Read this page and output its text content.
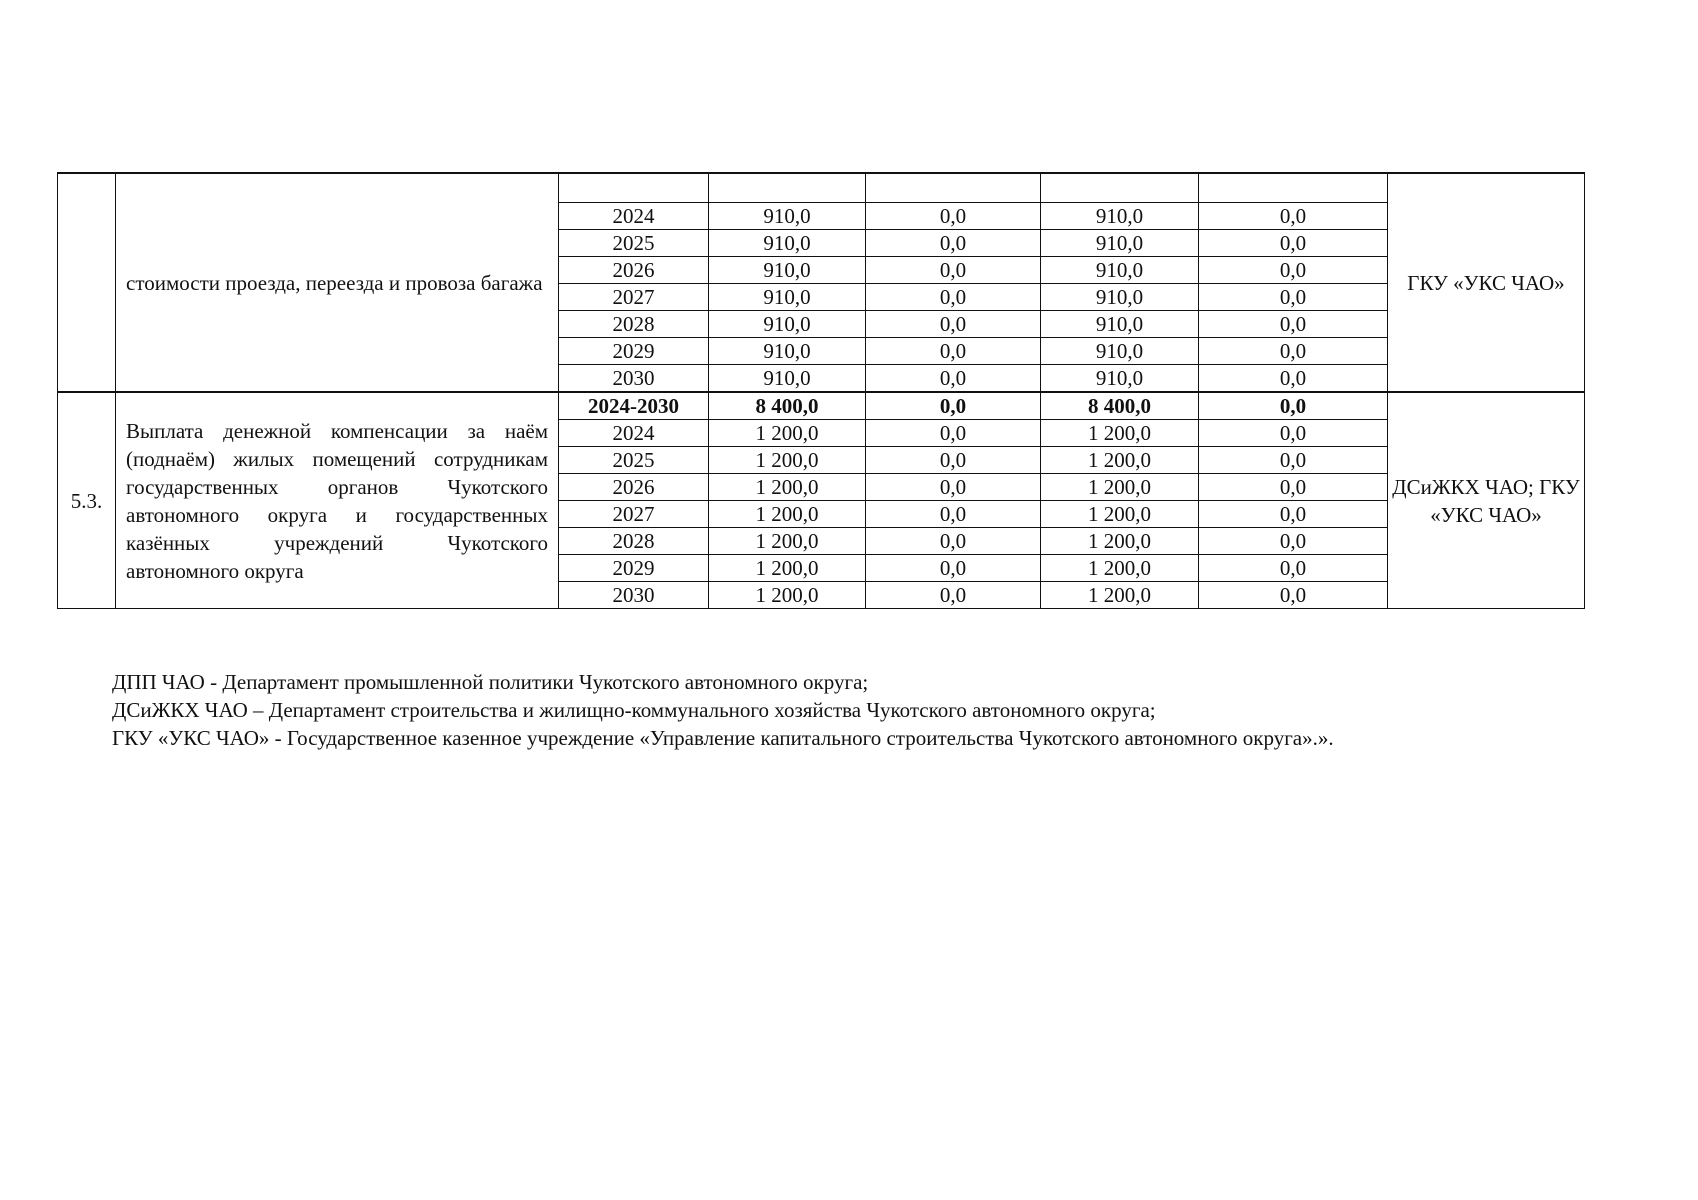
	стоимости проезда, переезда и провоза багажа						ГКУ «УКС ЧАО»
		2024	910,0	0,0	910,0	0,0	
		2025	910,0	0,0	910,0	0,0	
		2026	910,0	0,0	910,0	0,0	
		2027	910,0	0,0	910,0	0,0	
		2028	910,0	0,0	910,0	0,0	
		2029	910,0	0,0	910,0	0,0	
		2030	910,0	0,0	910,0	0,0	
5.3.	Выплата денежной компенсации за наём (поднаём) жилых помещений сотрудникам государственных органов Чукотского автономного округа и государственных казённых учреждений Чукотского автономного округа	2024-2030	8 400,0	0,0	8 400,0	0,0	ДСиЖКХ ЧАО; ГКУ «УКС ЧАО»
		2024	1 200,0	0,0	1 200,0	0,0	
		2025	1 200,0	0,0	1 200,0	0,0	
		2026	1 200,0	0,0	1 200,0	0,0	
		2027	1 200,0	0,0	1 200,0	0,0	
		2028	1 200,0	0,0	1 200,0	0,0	
		2029	1 200,0	0,0	1 200,0	0,0	
		2030	1 200,0	0,0	1 200,0	0,0	
ДПП ЧАО - Департамент промышленной политики Чукотского автономного округа;
ДСиЖКХ ЧАО – Департамент строительства и жилищно-коммунального хозяйства Чукотского автономного округа;
ГКУ «УКС ЧАО» - Государственное казенное учреждение «Управление капитального строительства Чукотского автономного округа».».
